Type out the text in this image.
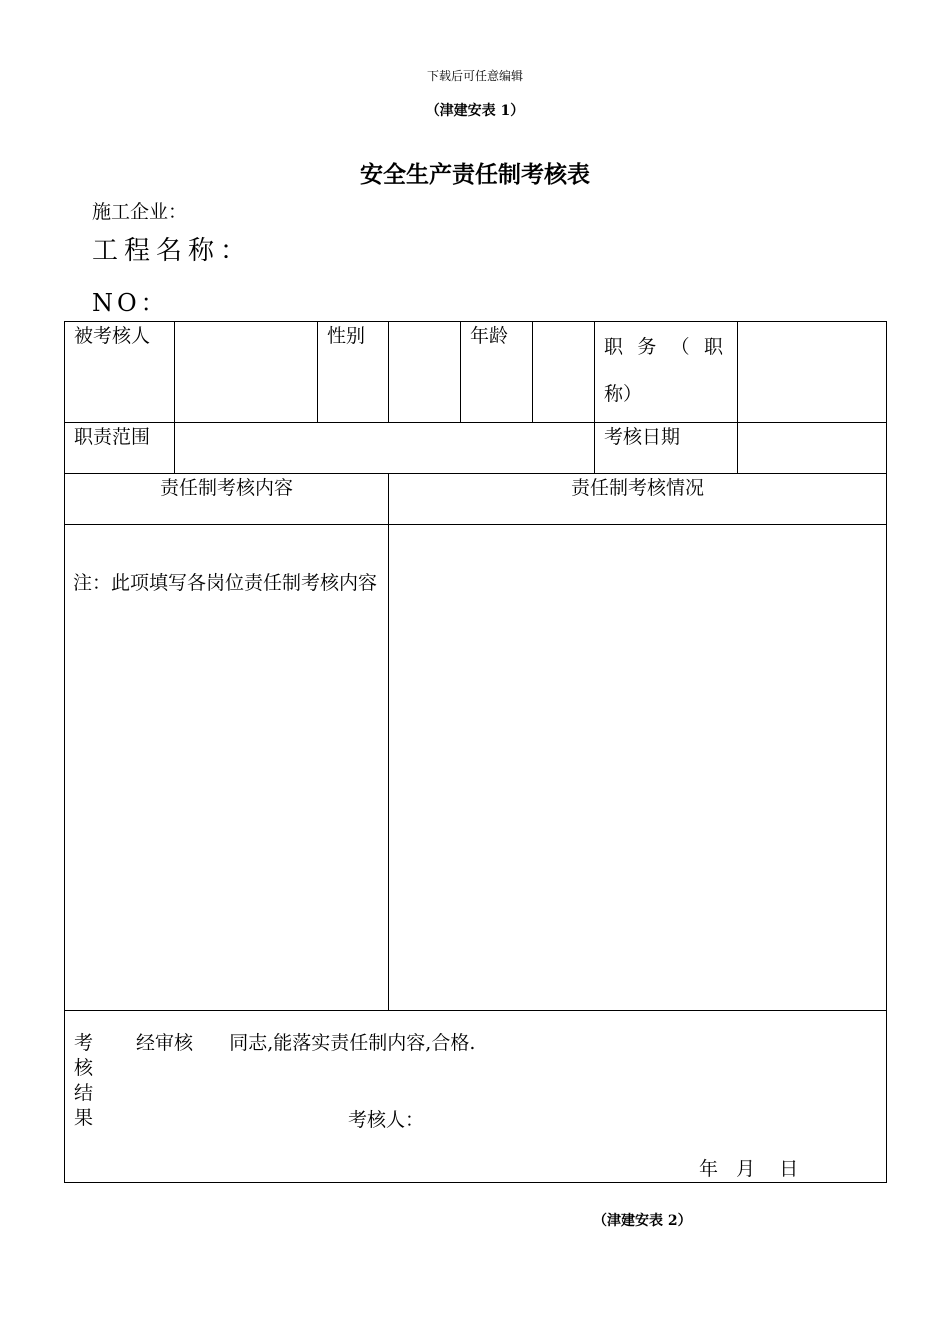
下载后可任意编辑
（津建安表 1）
安全生产责任制考核表
施工企业：
工程名称：
NO：
被考核人		性别		年龄		职 务 （ 职
称）	

职责范围						考核日期	

责任制考核内容			责任制考核情况				

注：此项填写各岗位责任制考核内容							

考核结果
经审核      同志,能落实责任制内容,合格.
考核人：
年   月    日							
（津建安表 2）
